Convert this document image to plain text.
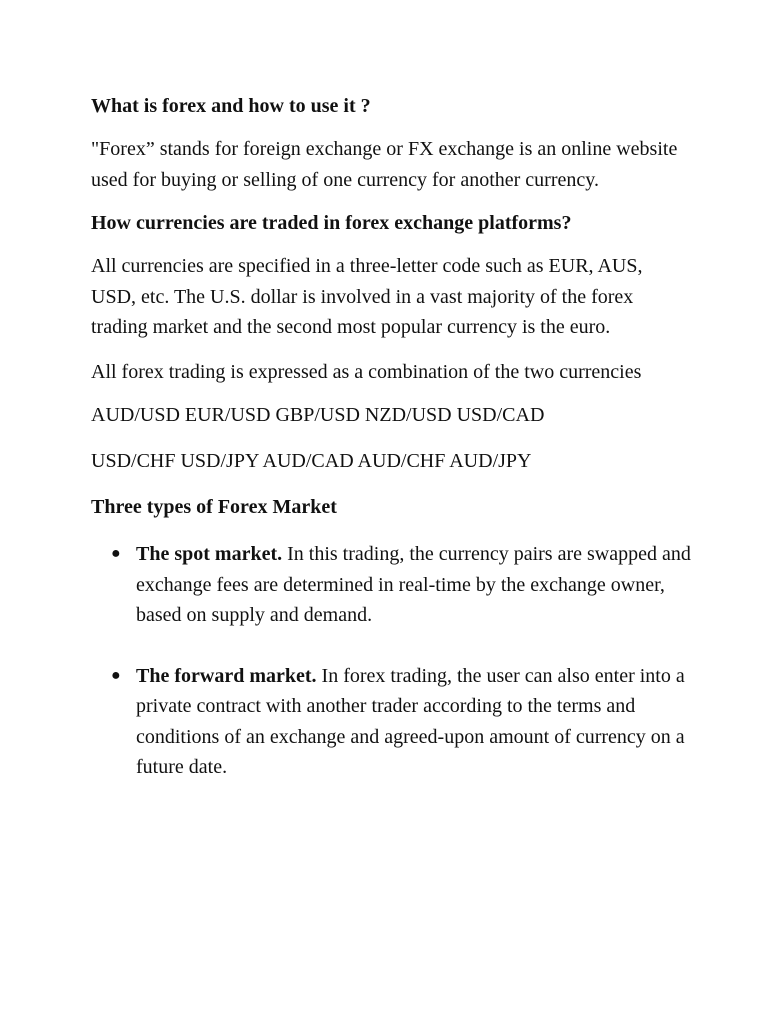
What is forex and how to use it ?
"Forex” stands for foreign exchange or FX exchange is an online website used for buying or selling of one currency for another currency.
How currencies are traded in forex exchange platforms?
All currencies are specified in a three-letter code such as EUR, AUS, USD, etc. The U.S. dollar is involved in a vast majority of the forex trading market and the second most popular currency is the euro.
All forex trading is expressed as a combination of the two currencies
AUD/USD EUR/USD GBP/USD NZD/USD USD/CAD
USD/CHF USD/JPY AUD/CAD AUD/CHF AUD/JPY
Three types of Forex Market
● The spot market. In this trading, the currency pairs are swapped and exchange fees are determined in real-time by the exchange owner, based on supply and demand.
● The forward market. In forex trading, the user can also enter into a private contract with another trader according to the terms and conditions of an exchange and agreed-upon amount of currency on a future date.
